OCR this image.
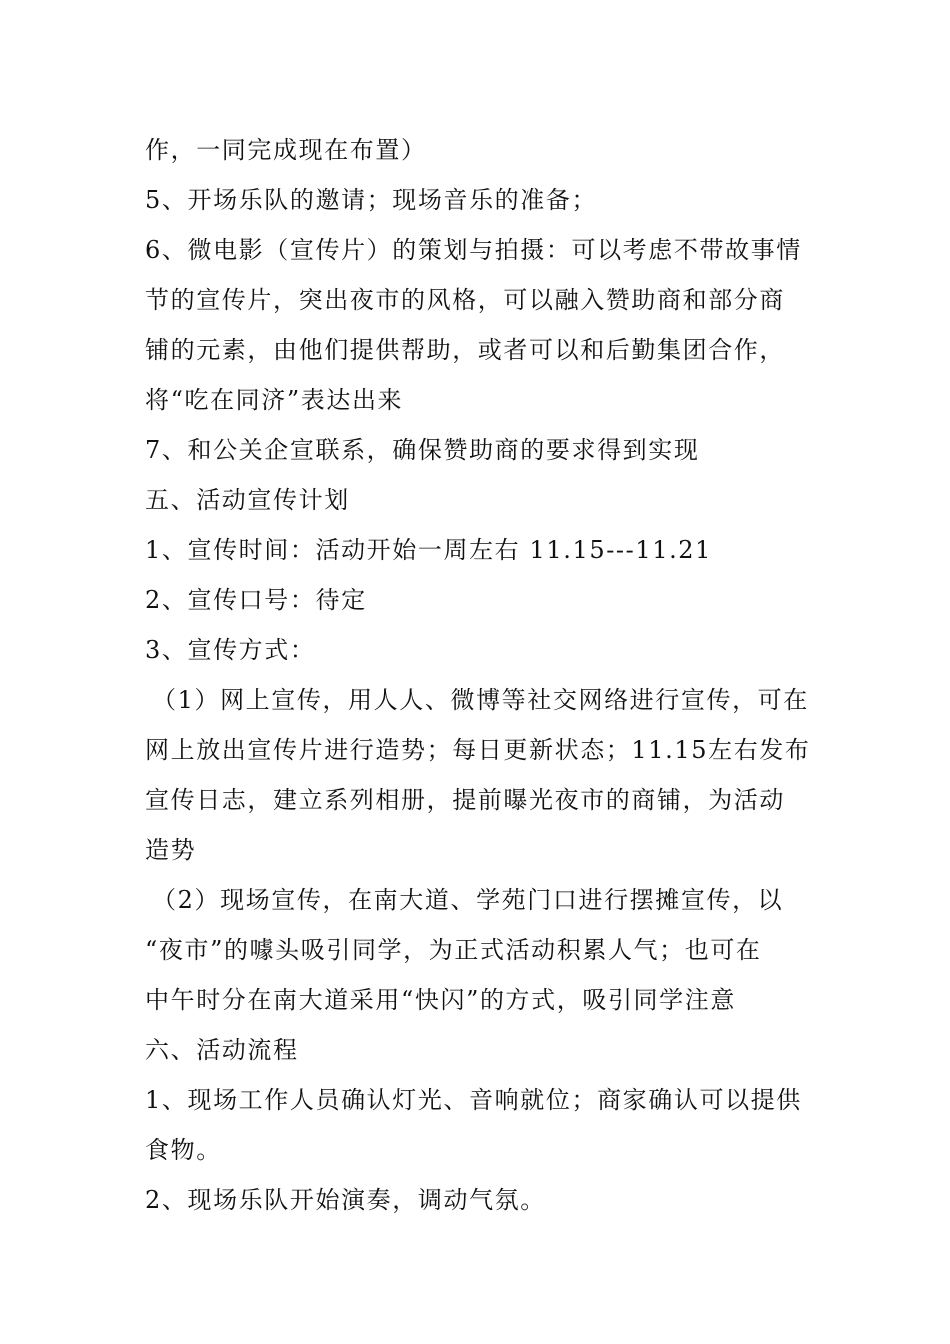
作，一同完成现在布置）
5、开场乐队的邀请；现场音乐的准备；
6、微电影（宣传片）的策划与拍摄：可以考虑不带故事情
节的宣传片，突出夜市的风格，可以融入赞助商和部分商
铺的元素，由他们提供帮助，或者可以和后勤集团合作，
将“吃在同济”表达出来
7、和公关企宣联系，确保赞助商的要求得到实现
五、活动宣传计划
1、宣传时间：活动开始一周左右 11.15---11.21
2、宣传口号：待定
3、宣传方式：
（1）网上宣传，用人人、微博等社交网络进行宣传，可在
网上放出宣传片进行造势；每日更新状态；11.15左右发布
宣传日志，建立系列相册，提前曝光夜市的商铺，为活动
造势
（2）现场宣传，在南大道、学苑门口进行摆摊宣传，以
“夜市”的噱头吸引同学，为正式活动积累人气；也可在
中午时分在南大道采用“快闪”的方式，吸引同学注意
六、活动流程
1、现场工作人员确认灯光、音响就位；商家确认可以提供
食物。
2、现场乐队开始演奏，调动气氛。
